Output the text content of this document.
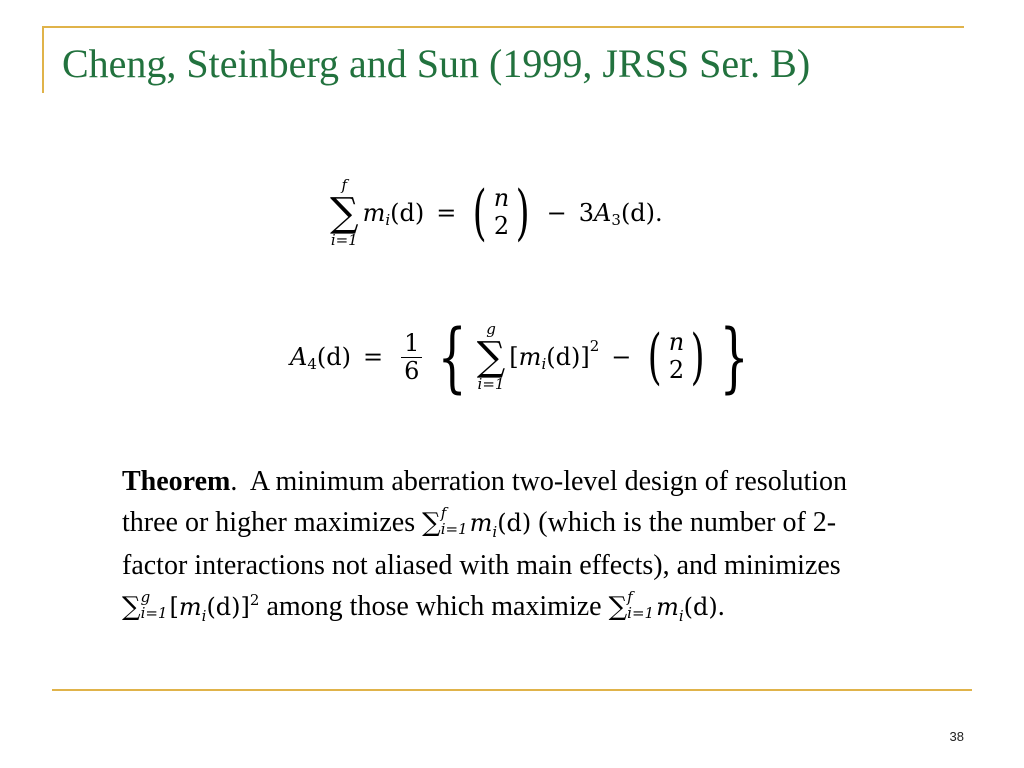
Cheng, Steinberg and Sun (1999, JRSS Ser. B)
f
∑
i=1
m i (d) = ( n
2 ) − 3 A 3 (d).
A 4 $(d) = \frac{1}{6}$ { g
∑
i=1
[ m i (d) ] 2 − ( n
2 ) }
Theorem.  A minimum aberration two-level design of resolution
three or higher maximizes ∑ f
i=1 $m_i(d)$ (which is the number of 2-
factor interactions not aliased with main effects), and minimizes
∑ g
i=1 $[m_i(d)]^2$ among those which maximize ∑ f
i=1 $m_i(d)$.
38
